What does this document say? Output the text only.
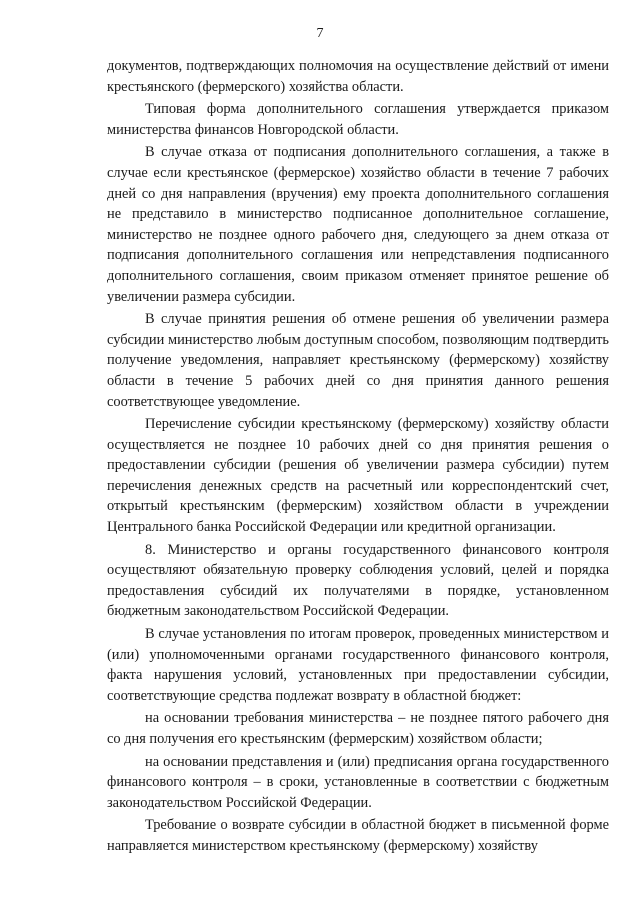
7

документов, подтверждающих полномочия на осуществление действий от имени крестьянского (фермерского) хозяйства области.

Типовая форма дополнительного соглашения утверждается приказом министерства финансов Новгородской области.

В случае отказа от подписания дополнительного соглашения, а также в случае если крестьянское (фермерское) хозяйство области в течение 7 рабочих дней со дня направления (вручения) ему проекта дополнительного соглашения не представило в министерство подписанное дополнительное соглашение, министерство не позднее одного рабочего дня, следующего за днем отказа от подписания дополнительного соглашения или непредставления подписанного дополнительного соглашения, своим приказом отменяет принятое решение об увеличении размера субсидии.

В случае принятия решения об отмене решения об увеличении размера субсидии министерство любым доступным способом, позволяющим подтвердить получение уведомления, направляет крестьянскому (фермерскому) хозяйству области в течение 5 рабочих дней со дня принятия данного решения соответствующее уведомление.

Перечисление субсидии крестьянскому (фермерскому) хозяйству области осуществляется не позднее 10 рабочих дней со дня принятия решения о предоставлении субсидии (решения об увеличении размера субсидии) путем перечисления денежных средств на расчетный или корреспондентский счет, открытый крестьянским (фермерским) хозяйством области в учреждении Центрального банка Российской Федерации или кредитной организации.

8. Министерство и органы государственного финансового контроля осуществляют обязательную проверку соблюдения условий, целей и порядка предоставления субсидий их получателями в порядке, установленном бюджетным законодательством Российской Федерации.

В случае установления по итогам проверок, проведенных министерством и (или) уполномоченными органами государственного финансового контроля, факта нарушения условий, установленных при предоставлении субсидии, соответствующие средства подлежат возврату в областной бюджет:

на основании требования министерства – не позднее пятого рабочего дня со дня получения его крестьянским (фермерским) хозяйством области;

на основании представления и (или) предписания органа государственного финансового контроля – в сроки, установленные в соответствии с бюджетным законодательством Российской Федерации.

Требование о возврате субсидии в областной бюджет в письменной форме направляется министерством крестьянскому (фермерскому) хозяйству
